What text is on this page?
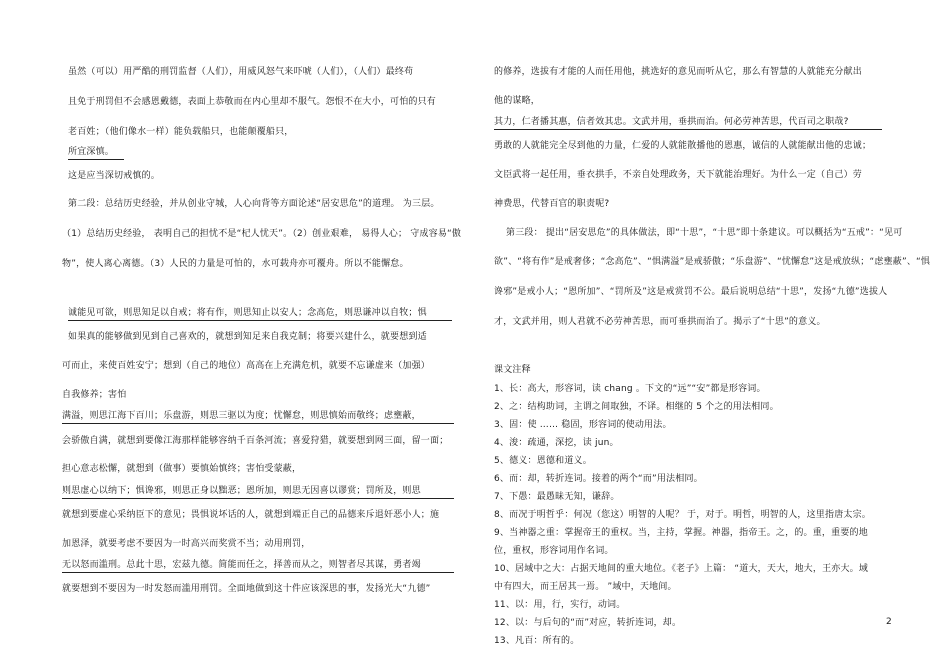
虽然（可以）用严酷的刑罚监督（人们），用威风怒气来吓唬（人们），（人们）最终苟
且免于刑罚但不会感恩戴德，表面上恭敬而在内心里却不服气。怨恨不在大小，可怕的只有
老百姓；（他们像水一样）能负载船只，也能颠覆船只，
所宜深慎。
这是应当深切戒慎的。
第二段：总结历史经验，并从创业守城，人心向背等方面论述“居安思危”的道理。 为三层。
（1）总结历史经验， 表明自己的担忧不是“杞人忧天”。（2）创业艰难， 易得人心； 守成容易“傲
物”，使人离心离德。（3）人民的力量是可怕的，水可载舟亦可覆舟。所以不能懈怠。
诚能见可欲，则思知足以自戒；将有作，则思知止以安人；念高危，则思谦冲以自牧；惧
如果真的能够做到见到自己喜欢的，就想到知足来自我克制；将要兴建什么，就要想到适
可而止，来使百姓安宁；想到（自己的地位）高高在上充满危机，就要不忘谦虚来（加强）
自我修养；害怕
满溢，则思江海下百川；乐盘游，则思三驱以为度；忧懈怠，则思慎始而敬终；虑壅蔽，
会骄傲自满，就想到要像江海那样能够容纳千百条河流；喜爱狩猎，就要想到网三面，留一面；
担心意志松懈，就想到（做事）要慎始慎终；害怕受蒙蔽，
则思虚心以纳下；惧谗邪，则思正身以黜恶；恩所加，则思无因喜以谬赏；罚所及，则思
就想到要虚心采纳臣下的意见；畏惧说坏话的人，就想到端正自己的品德来斥退奸恶小人；施
加恩泽，就要考虑不要因为一时高兴而奖赏不当；动用刑罚，
无以怒而滥刑。总此十思，宏兹九德。简能而任之，择善而从之，则智者尽其谋，勇者竭
就要想到不要因为一时发怒而滥用刑罚。全面地做到这十件应该深思的事，发扬光大“九德”
的修养，选拔有才能的人而任用他，挑选好的意见而听从它，那么有智慧的人就能充分献出
他的谋略，
其力，仁者播其惠，信者效其忠。文武并用，垂拱而治。何必劳神苦思，代百司之职哉?
勇敢的人就能完全尽到他的力量，仁爱的人就能散播他的恩惠，诚信的人就能献出他的忠诚；
文臣武将一起任用，垂衣拱手，不亲自处理政务，天下就能治理好。为什么一定（自己）劳
神费思，代替百官的职责呢?
第三段： 提出“居安思危”的具体做法，即“十思”，“十思”即十条建议。可以概括为“五戒”：“见可
欲”、“将有作”是戒奢侈；“念高危”、“惧满溢”是戒骄傲；“乐盘游”、“忧懈怠”这是戒放纵；“虑壅蔽”、“惧
谗邪”是戒小人；“恩所加”、“罚所及”这是戒赏罚不公。最后说明总结“十思”，发扬“九德”选拔人
才，文武并用，则人君就不必劳神苦思，而可垂拱而治了。揭示了“十思”的意义。
课文注释
1、长：高大，形容词，读 chang 。下文的“远”“安”都是形容词。
2、之：结构助词，主谓之间取独，不译。相继的 5 个之的用法相同。
3、固：使 …… 稳固，形容词的使动用法。
4、浚：疏通，深挖，读 jun。
5、德义：恩德和道义。
6、而：却，转折连词。接着的两个“而”用法相同。
7、下愚：最愚昧无知，谦辞。
8、而况于明哲乎：何况（您这）明智的人呢？ 于，对于。明哲，明智的人，这里指唐太宗。
9、当神器之重：掌握帝王的重权。当，主持，掌握。神器，指帝王。之，的。重，重要的地
位，重权，形容词用作名词。
10、居域中之大：占据天地间的重大地位。《老子》上篇： “道大，天大，地大，王亦大。域
中有四大，而王居其一焉。 ”域中，天地间。
11、以：用，行，实行，动词。
12、以：与后句的“而”对应，转折连词，却。
13、凡百：所有的。
2
